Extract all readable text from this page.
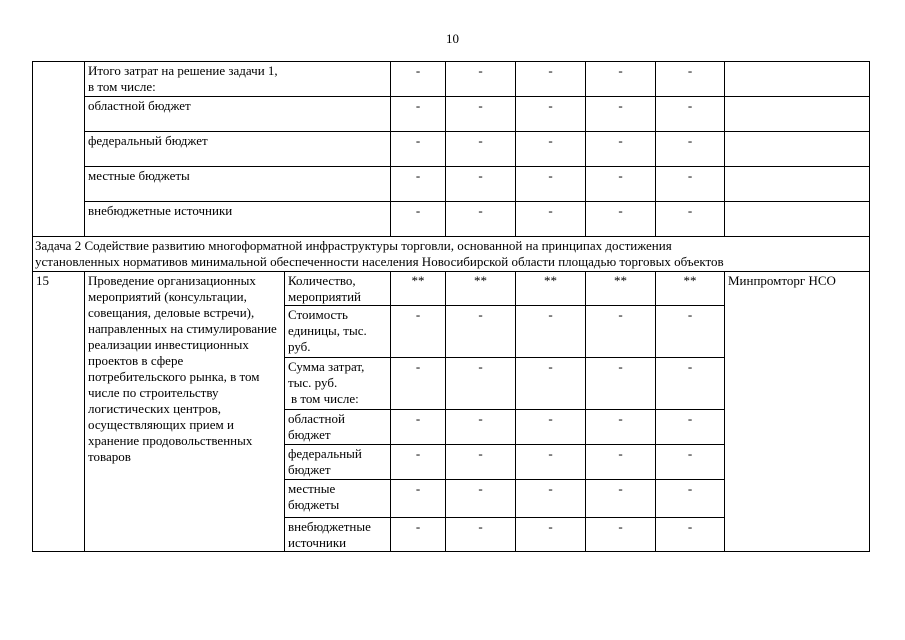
10
	Итого затрат на решение задачи 1,
в том числе:		-	-	-	-	-	
	областной бюджет		-	-	-	-	-	
	федеральный бюджет		-	-	-	-	-	
	местные бюджеты		-	-	-	-	-	
	внебюджетные источники		-	-	-	-	-	
Задача 2 Содействие развитию многоформатной инфраструктуры торговли, основанной на принципах достижения
установленных нормативов минимальной обеспеченности населения Новосибирской области площадью торговых объектов								
15	Проведение организационных мероприятий (консультации, совещания, деловые встречи), направленных на стимулирование реализации инвестиционных проектов в сфере потребительского рынка, в том числе по строительству логистических центров, осуществляющих прием и хранение продовольственных товаров	Количество, мероприятий	**	**	**	**	**	Минпромторг НСО
		Стоимость единицы, тыс. руб.	-	-	-	-	-	
		Сумма затрат, тыс. руб.
в том числе:	-	-	-	-	-	
		областной бюджет	-	-	-	-	-	
		федеральный бюджет	-	-	-	-	-	
		местные бюджеты	-	-	-	-	-	
		внебюджетные источники	-	-	-	-	-	
